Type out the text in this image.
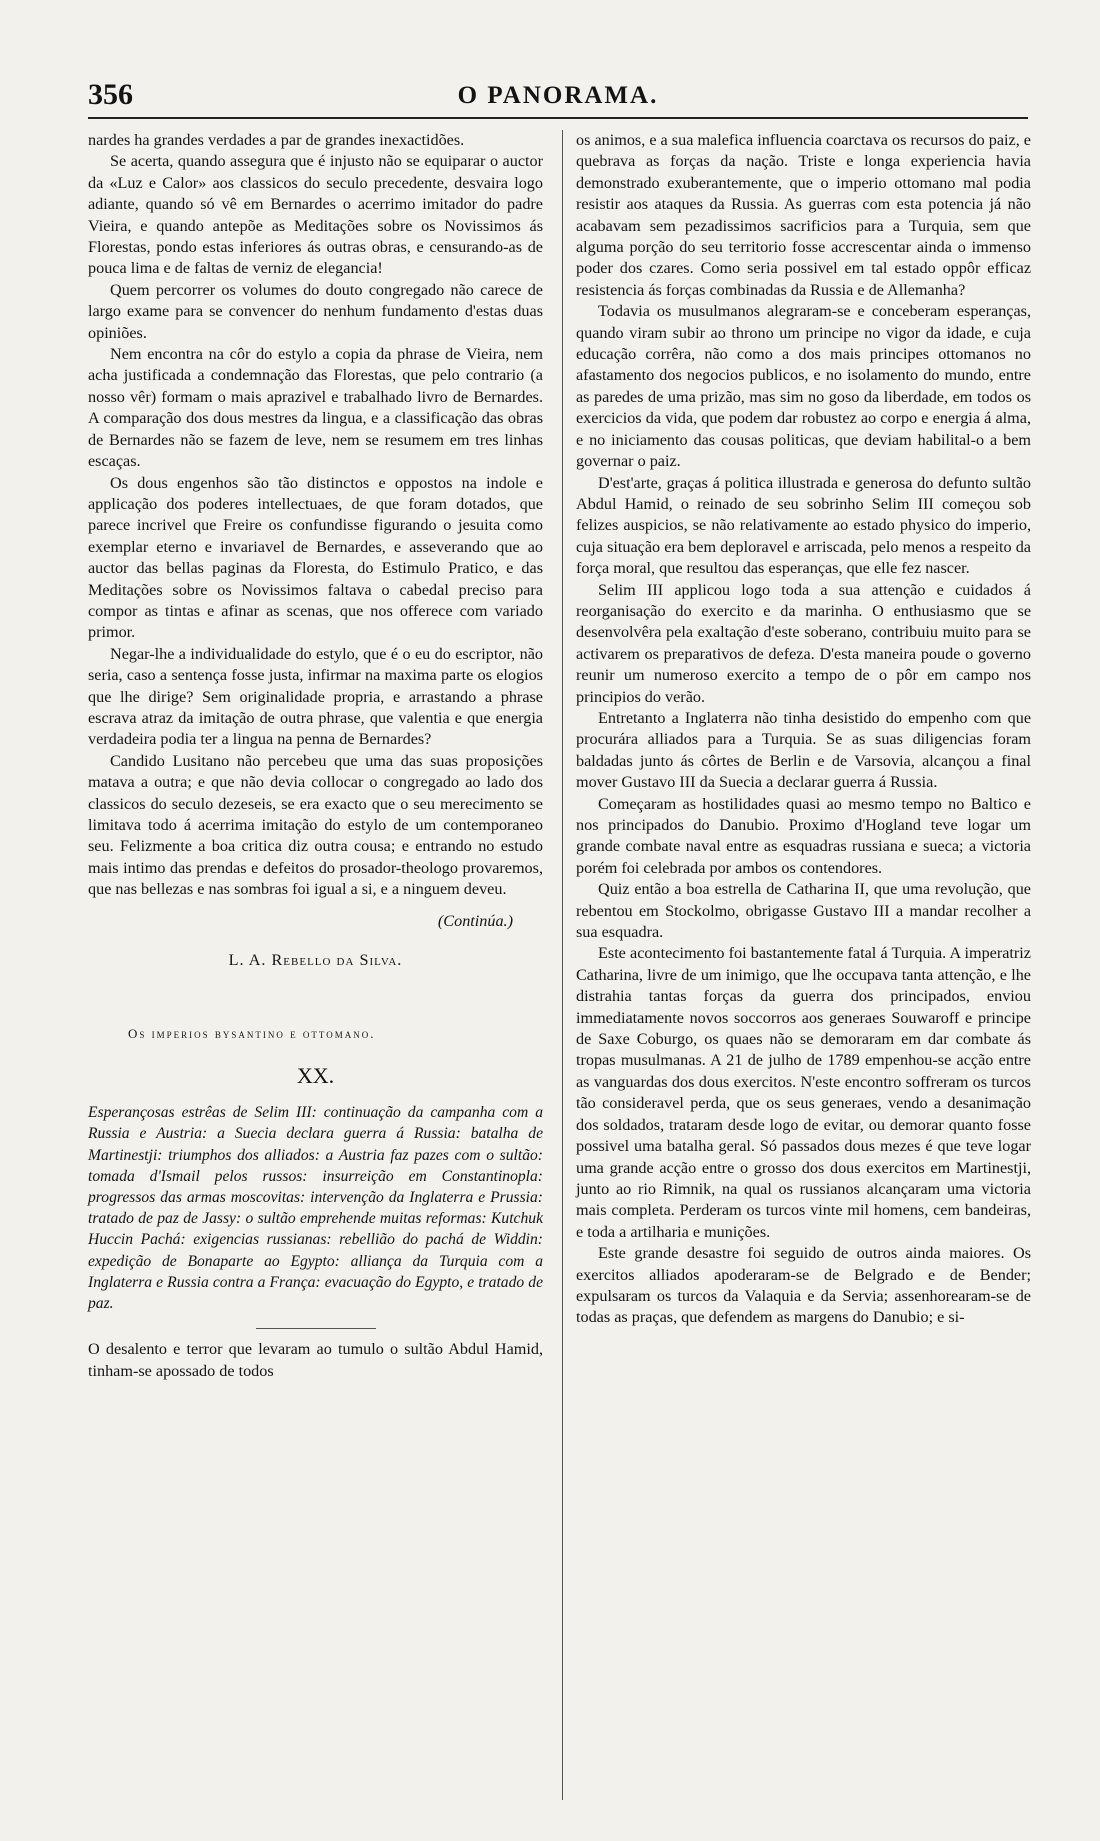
356	O PANORAMA.

nardes ha grandes verdades a par de grandes inexactidões.

Se acerta, quando assegura que é injusto não se equiparar o auctor da «Luz e Calor» aos classicos do seculo precedente, desvaira logo adiante, quando só vê em Bernardes o acerrimo imitador do padre Vieira, e quando antepõe as Meditações sobre os Novissimos ás Florestas, pondo estas inferiores ás outras obras, e censurando-as de pouca lima e de faltas de verniz de elegancia!

Quem percorrer os volumes do douto congregado não carece de largo exame para se convencer do nenhum fundamento d'estas duas opiniões.

Nem encontra na côr do estylo a copia da phrase de Vieira, nem acha justificada a condemnação das Florestas, que pelo contrario (a nosso vêr) formam o mais aprazivel e trabalhado livro de Bernardes. A comparação dos dous mestres da lingua, e a classificação das obras de Bernardes não se fazem de leve, nem se resumem em tres linhas escaças.

Os dous engenhos são tão distinctos e oppostos na indole e applicação dos poderes intellectuaes, de que foram dotados, que parece incrivel que Freire os confundisse figurando o jesuita como exemplar eterno e invariavel de Bernardes, e asseverando que ao auctor das bellas paginas da Floresta, do Estimulo Pratico, e das Meditações sobre os Novissimos faltava o cabedal preciso para compor as tintas e afinar as scenas, que nos offerece com variado primor.

Negar-lhe a individualidade do estylo, que é o eu do escriptor, não seria, caso a sentença fosse justa, infirmar na maxima parte os elogios que lhe dirige? Sem originalidade propria, e arrastando a phrase escrava atraz da imitação de outra phrase, que valentia e que energia verdadeira podia ter a lingua na penna de Bernardes?

Candido Lusitano não percebeu que uma das suas proposições matava a outra; e que não devia collocar o congregado ao lado dos classicos do seculo dezeseis, se era exacto que o seu merecimento se limitava todo á acerrima imitação do estylo de um contemporaneo seu. Felizmente a boa critica diz outra cousa; e entrando no estudo mais intimo das prendas e defeitos do prosador-theologo provaremos, que nas bellezas e nas sombras foi igual a si, e a ninguem deveu.

(Continúa.)

L. A. Rebello da Silva.

Os imperios bysantino e ottomano.

XX.

Esperançosas estrêas de Selim III: continuação da campanha com a Russia e Austria: a Suecia declara guerra á Russia: batalha de Martinestji: triumphos dos alliados: a Austria faz pazes com o sultão: tomada d'Ismail pelos russos: insurreição em Constantinopla: progressos das armas moscovitas: intervenção da Inglaterra e Prussia: tratado de paz de Jassy: o sultão emprehende muitas reformas: Kutchuk Huccin Pachá: exigencias russianas: rebellião do pachá de Widdin: expedição de Bonaparte ao Egypto: alliança da Turquia com a Inglaterra e Russia contra a França: evacuação do Egypto, e tratado de paz.

O desalento e terror que levaram ao tumulo o sultão Abdul Hamid, tinham-se apossado de todos

os animos, e a sua malefica influencia coarctava os recursos do paiz, e quebrava as forças da nação. Triste e longa experiencia havia demonstrado exuberantemente, que o imperio ottomano mal podia resistir aos ataques da Russia. As guerras com esta potencia já não acabavam sem pezadissimos sacrificios para a Turquia, sem que alguma porção do seu territorio fosse accrescentar ainda o immenso poder dos czares. Como seria possivel em tal estado oppôr efficaz resistencia ás forças combinadas da Russia e de Allemanha?

Todavia os musulmanos alegraram-se e conceberam esperanças, quando viram subir ao throno um principe no vigor da idade, e cuja educação corrêra, não como a dos mais principes ottomanos no afastamento dos negocios publicos, e no isolamento do mundo, entre as paredes de uma prizão, mas sim no goso da liberdade, em todos os exercicios da vida, que podem dar robustez ao corpo e energia á alma, e no iniciamento das cousas politicas, que deviam habilital-o a bem governar o paiz.

D'est'arte, graças á politica illustrada e generosa do defunto sultão Abdul Hamid, o reinado de seu sobrinho Selim III começou sob felizes auspicios, se não relativamente ao estado physico do imperio, cuja situação era bem deploravel e arriscada, pelo menos a respeito da força moral, que resultou das esperanças, que elle fez nascer.

Selim III applicou logo toda a sua attenção e cuidados á reorganisação do exercito e da marinha. O enthusiasmo que se desenvolvêra pela exaltação d'este soberano, contribuiu muito para se activarem os preparativos de defeza. D'esta maneira poude o governo reunir um numeroso exercito a tempo de o pôr em campo nos principios do verão.

Entretanto a Inglaterra não tinha desistido do empenho com que procurára alliados para a Turquia. Se as suas diligencias foram baldadas junto ás côrtes de Berlin e de Varsovia, alcançou a final mover Gustavo III da Suecia a declarar guerra á Russia.

Começaram as hostilidades quasi ao mesmo tempo no Baltico e nos principados do Danubio. Proximo d'Hogland teve logar um grande combate naval entre as esquadras russiana e sueca; a victoria porém foi celebrada por ambos os contendores.

Quiz então a boa estrella de Catharina II, que uma revolução, que rebentou em Stockolmo, obrigasse Gustavo III a mandar recolher a sua esquadra.

Este acontecimento foi bastantemente fatal á Turquia. A imperatriz Catharina, livre de um inimigo, que lhe occupava tanta attenção, e lhe distrahia tantas forças da guerra dos principados, enviou immediatamente novos soccorros aos generaes Souwaroff e principe de Saxe Coburgo, os quaes não se demoraram em dar combate ás tropas musulmanas. A 21 de julho de 1789 empenhou-se acção entre as vanguardas dos dous exercitos. N'este encontro soffreram os turcos tão consideravel perda, que os seus generaes, vendo a desanimação dos soldados, trataram desde logo de evitar, ou demorar quanto fosse possivel uma batalha geral. Só passados dous mezes é que teve logar uma grande acção entre o grosso dos dous exercitos em Martinestji, junto ao rio Rimnik, na qual os russianos alcançaram uma victoria mais completa. Perderam os turcos vinte mil homens, cem bandeiras, e toda a artilharia e munições.

Este grande desastre foi seguido de outros ainda maiores. Os exercitos alliados apoderaram-se de Belgrado e de Bender; expulsaram os turcos da Valaquia e da Servia; assenhorearam-se de todas as praças, que defendem as margens do Danubio; e si-
